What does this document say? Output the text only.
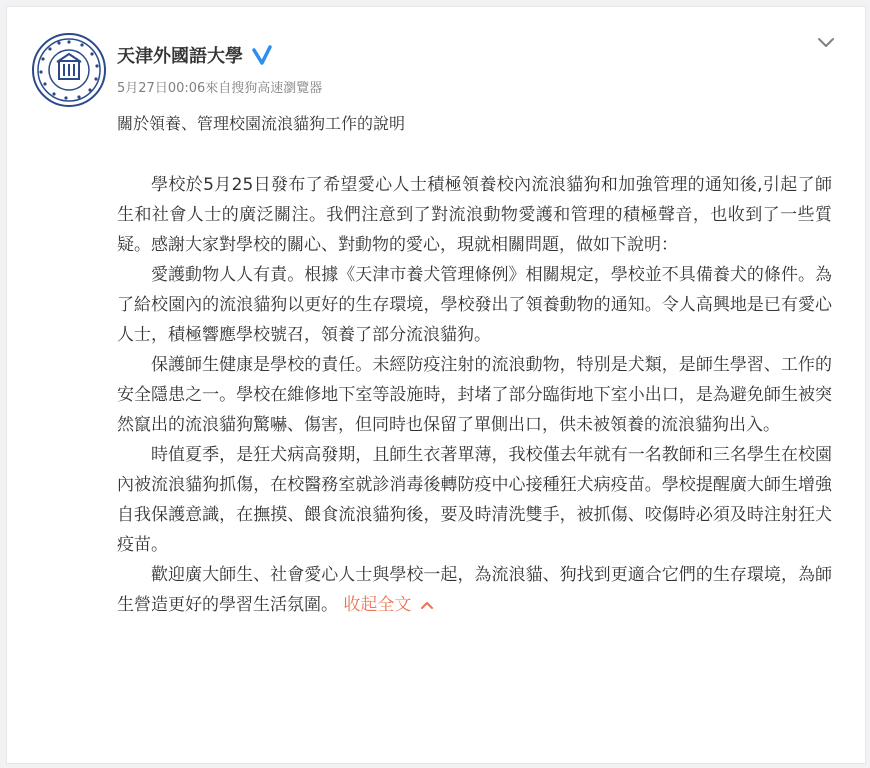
天津外國語大學
5月27日00:06來自搜狗高速瀏覽器
關於領養、管理校園流浪貓狗工作的說明

學校於5月25日發布了希望愛心人士積極領養校內流浪貓狗和加強管理的通知後,引起了師生和社會人士的廣泛關注。我們注意到了對流浪動物愛護和管理的積極聲音，也收到了一些質疑。感謝大家對學校的關心、對動物的愛心，現就相關問題，做如下說明：

愛護動物人人有責。根據《天津市養犬管理條例》相關規定，學校並不具備養犬的條件。為了給校園內的流浪貓狗以更好的生存環境，學校發出了領養動物的通知。令人高興地是已有愛心人士，積極響應學校號召，領養了部分流浪貓狗。

保護師生健康是學校的責任。未經防疫注射的流浪動物，特別是犬類，是師生學習、工作的安全隱患之一。學校在維修地下室等設施時，封堵了部分臨街地下室小出口，是為避免師生被突然竄出的流浪貓狗驚嚇、傷害，但同時也保留了單側出口，供未被領養的流浪貓狗出入。

時值夏季，是狂犬病高發期，且師生衣著單薄，我校僅去年就有一名教師和三名學生在校園內被流浪貓狗抓傷，在校醫務室就診消毒後轉防疫中心接種狂犬病疫苗。學校提醒廣大師生增強自我保護意識，在撫摸、餵食流浪貓狗後，要及時清洗雙手，被抓傷、咬傷時必須及時注射狂犬疫苗。

歡迎廣大師生、社會愛心人士與學校一起，為流浪貓、狗找到更適合它們的生存環境，為師生營造更好的學習生活氛圍。 收起全文
